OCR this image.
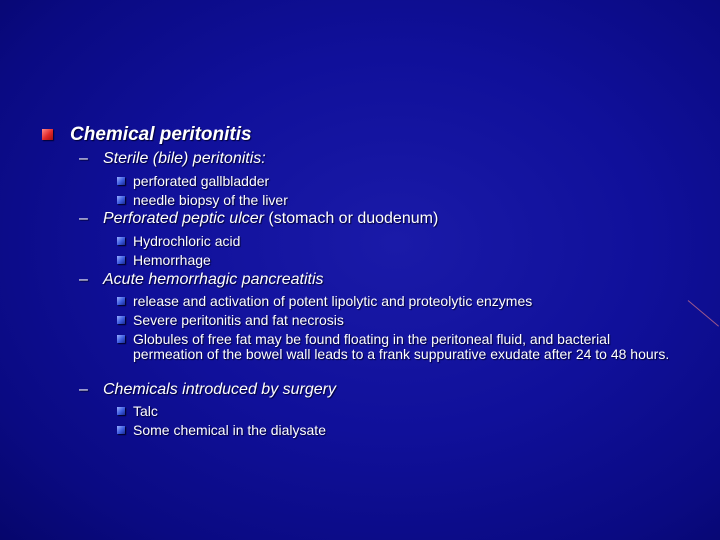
Chemical peritonitis
– Sterile (bile) peritonitis:
perforated gallbladder
needle biopsy of the liver
– Perforated peptic ulcer (stomach or duodenum)
Hydrochloric acid
Hemorrhage
– Acute hemorrhagic pancreatitis
release and activation of potent lipolytic and proteolytic enzymes
Severe peritonitis and fat necrosis
Globules of free fat may be found floating in the peritoneal fluid, and bacterial permeation of the bowel wall leads to a frank suppurative exudate after 24 to 48 hours.
– Chemicals introduced by surgery
Talc
Some chemical in the dialysate
